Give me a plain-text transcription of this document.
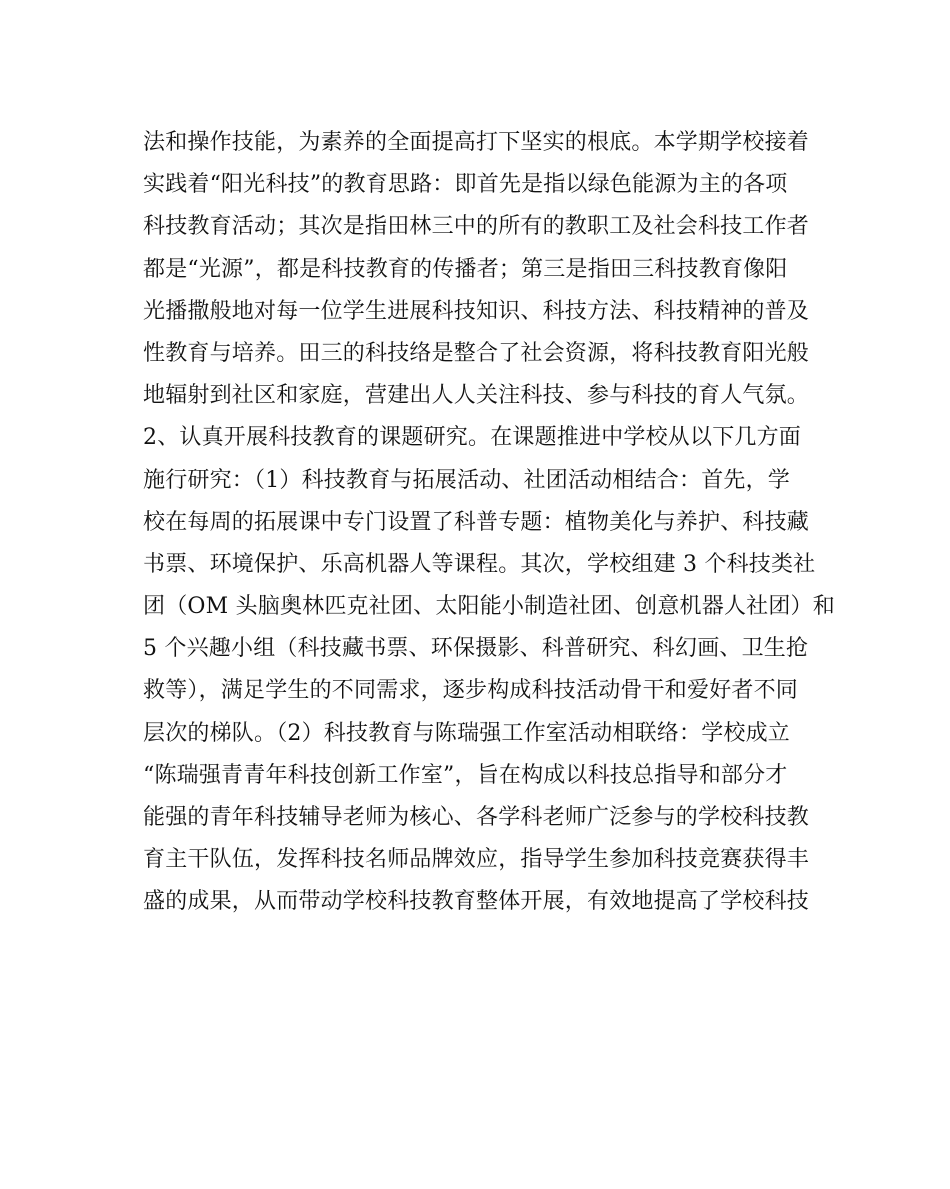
法和操作技能，为素养的全面提高打下坚实的根底。本学期学校接着
实践着“阳光科技”的教育思路：即首先是指以绿色能源为主的各项
科技教育活动；其次是指田林三中的所有的教职工及社会科技工作者
都是“光源”，都是科技教育的传播者；第三是指田三科技教育像阳
光播撒般地对每一位学生进展科技知识、科技方法、科技精神的普及
性教育与培养。田三的科技络是整合了社会资源，将科技教育阳光般
地辐射到社区和家庭，营建出人人关注科技、参与科技的育人气氛。
2、认真开展科技教育的课题研究。在课题推进中学校从以下几方面
施行研究：（1）科技教育与拓展活动、社团活动相结合：首先，学
校在每周的拓展课中专门设置了科普专题：植物美化与养护、科技藏
书票、环境保护、乐高机器人等课程。其次，学校组建 3 个科技类社
团（OM 头脑奥林匹克社团、太阳能小制造社团、创意机器人社团）和
5 个兴趣小组（科技藏书票、环保摄影、科普研究、科幻画、卫生抢
救等），满足学生的不同需求，逐步构成科技活动骨干和爱好者不同
层次的梯队。（2）科技教育与陈瑞强工作室活动相联络：学校成立
“陈瑞强青青年科技创新工作室”，旨在构成以科技总指导和部分才
能强的青年科技辅导老师为核心、各学科老师广泛参与的学校科技教
育主干队伍，发挥科技名师品牌效应，指导学生参加科技竞赛获得丰
盛的成果，从而带动学校科技教育整体开展，有效地提高了学校科技
